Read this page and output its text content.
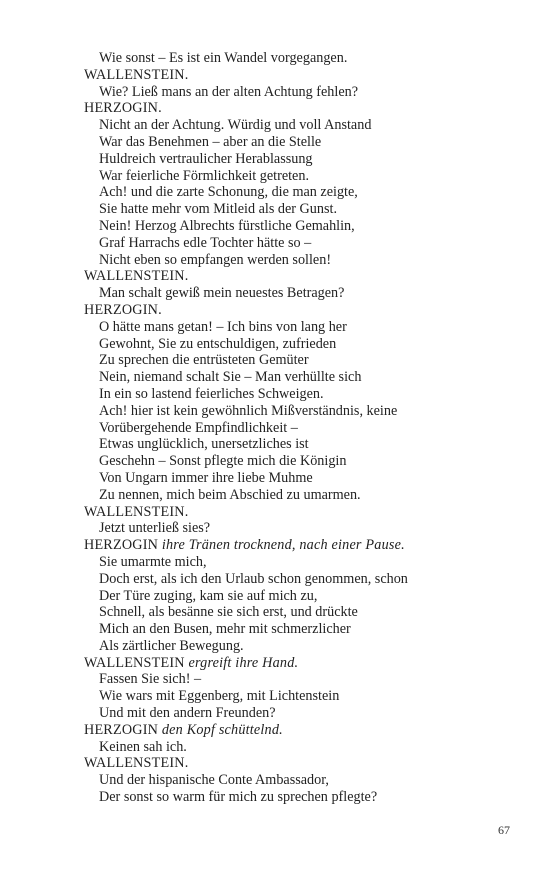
Wie sonst – Es ist ein Wandel vorgegangen.
WALLENSTEIN.
Wie? Ließ mans an der alten Achtung fehlen?
HERZOGIN.
Nicht an der Achtung. Würdig und voll Anstand
War das Benehmen – aber an die Stelle
Huldreich vertraulicher Herablassung
War feierliche Förmlichkeit getreten.
Ach! und die zarte Schonung, die man zeigte,
Sie hatte mehr vom Mitleid als der Gunst.
Nein! Herzog Albrechts fürstliche Gemahlin,
Graf Harrachs edle Tochter hätte so –
Nicht eben so empfangen werden sollen!
WALLENSTEIN.
Man schalt gewiß mein neuestes Betragen?
HERZOGIN.
O hätte mans getan! – Ich bins von lang her
Gewohnt, Sie zu entschuldigen, zufrieden
Zu sprechen die entrüsteten Gemüter
Nein, niemand schalt Sie – Man verhüllte sich
In ein so lastend feierliches Schweigen.
Ach! hier ist kein gewöhnlich Mißverständnis, keine
Vorübergehende Empfindlichkeit –
Etwas unglücklich, unersetzliches ist
Geschehn – Sonst pflegte mich die Königin
Von Ungarn immer ihre liebe Muhme
Zu nennen, mich beim Abschied zu umarmen.
WALLENSTEIN.
Jetzt unterließ sies?
HERZOGIN ihre Tränen trocknend, nach einer Pause.
Sie umarmte mich,
Doch erst, als ich den Urlaub schon genommen, schon
Der Türe zuging, kam sie auf mich zu,
Schnell, als besänne sie sich erst, und drückte
Mich an den Busen, mehr mit schmerzlicher
Als zärtlicher Bewegung.
WALLENSTEIN ergreift ihre Hand.
Fassen Sie sich! –
Wie wars mit Eggenberg, mit Lichtenstein
Und mit den andern Freunden?
HERZOGIN den Kopf schüttelnd.
Keinen sah ich.
WALLENSTEIN.
Und der hispanische Conte Ambassador,
Der sonst so warm für mich zu sprechen pflegte?
67
